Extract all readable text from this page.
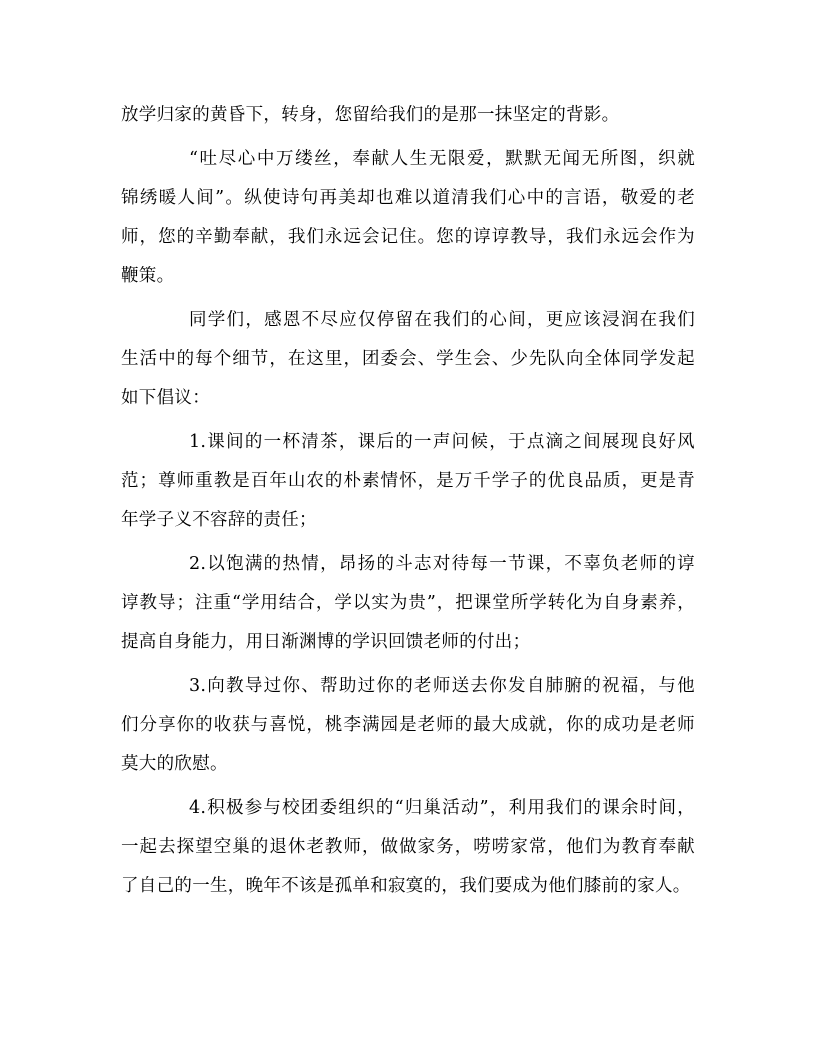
放学归家的黄昏下，转身，您留给我们的是那一抹坚定的背影。
“吐尽心中万缕丝，奉献人生无限爱，默默无闻无所图，织就
锦绣暖人间”。纵使诗句再美却也难以道清我们心中的言语，敬爱的老
师，您的辛勤奉献，我们永远会记住。您的谆谆教导，我们永远会作为
鞭策。
同学们，感恩不尽应仅停留在我们的心间，更应该浸润在我们
生活中的每个细节，在这里，团委会、学生会、少先队向全体同学发起
如下倡议：
1.课间的一杯清茶，课后的一声问候，于点滴之间展现良好风
范；尊师重教是百年山农的朴素情怀，是万千学子的优良品质，更是青
年学子义不容辞的责任；
2.以饱满的热情，昂扬的斗志对待每一节课，不辜负老师的谆
谆教导；注重“学用结合，学以实为贵”，把课堂所学转化为自身素养，
提高自身能力，用日渐渊博的学识回馈老师的付出；
3.向教导过你、帮助过你的老师送去你发自肺腑的祝福，与他
们分享你的收获与喜悦，桃李满园是老师的最大成就，你的成功是老师
莫大的欣慰。
4.积极参与校团委组织的“归巢活动”，利用我们的课余时间，
一起去探望空巢的退休老教师，做做家务，唠唠家常，他们为教育奉献
了自己的一生，晚年不该是孤单和寂寞的，我们要成为他们膝前的家人。
